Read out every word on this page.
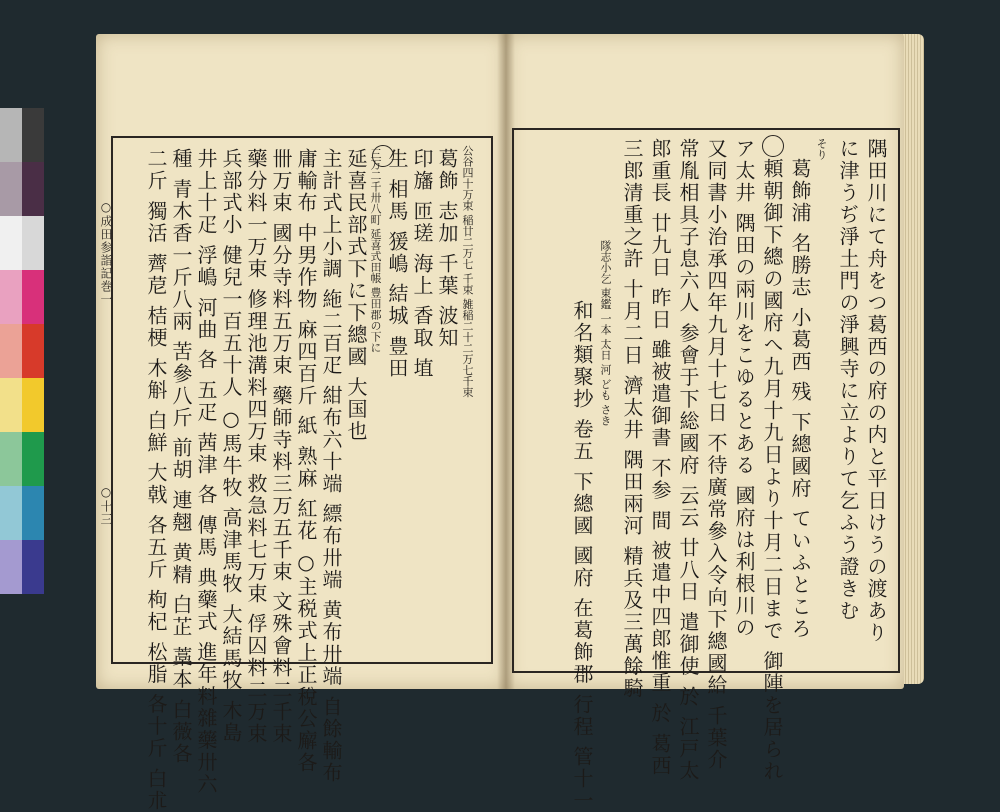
○成田参詣記巻一
○十三
公谷四十万束 稲廿二万七 千束 雑稲二十二万七千束
葛飾 志加 千葉 波知
印旛 匝瑳 海上 香取 埴
生 相馬 猨嶋 結城 豊田
三万二千卅八町 延喜式田帳 豊田郡の下に
延喜民部式下に下總國 大国也
主計式上小調 絁二百疋 紺布六十端 縹布卅端 黄布卅端 自餘輸布
庸輸布 中男作物 麻四百斤 紙 熟麻 紅花 ○主税式上正稅公廨各
卌万束 國分寺料五万束 藥師寺料三万五千束 文殊會料二千束
藥分料一万束 修理池溝料四万束 救急料七万束 俘囚料二万束
兵部式小 健兒一百五十人 ○馬牛牧 高津馬牧 大結馬牧 木島
井上十疋 浮嶋 河曲 各 五疋 茜津 各 傳馬 典藥式 進年料雜藥卅六
種 青木香一斤八兩 苦參八斤 前胡 連翹 黄精 白芷 藁本 白薇各
二斤 獨活 薺苨 桔梗 木斛 白鮮 大戟 各五斤 枸杞 松脂 各十斤 白朮	隅田川にて舟をつ葛西の府の内と平日けうの渡あり
に津うぢ淨土門の淨興寺に立よりて乞ふう證きむ
そり
葛飾浦 名勝志 小葛西 残 下總國府 ていふところ
頼朝御下總の國府へ九月十九日より十月二日まで 御陣を居られ
ア太井 隅田の兩川をこゆるとある 國府は利根川の
又同書小治承四年九月十七日 不待廣常參入令向下總國給 千葉介
常胤相具子息六人 参會于下総國府 云云 廿八日 遣御使 於 江戸太
郎重長 廿九日 昨日 雖被遣御書 不参 間 被遣中四郎惟重 於 葛西
三郎清重之許 十月二日 濟太井 隅田兩河 精兵及三萬餘騎
隊志小乞 東鑑 一本 太日 河 ども さき
和名類聚抄 卷五 下總國 國府 在葛飾郡 行程 管十一
